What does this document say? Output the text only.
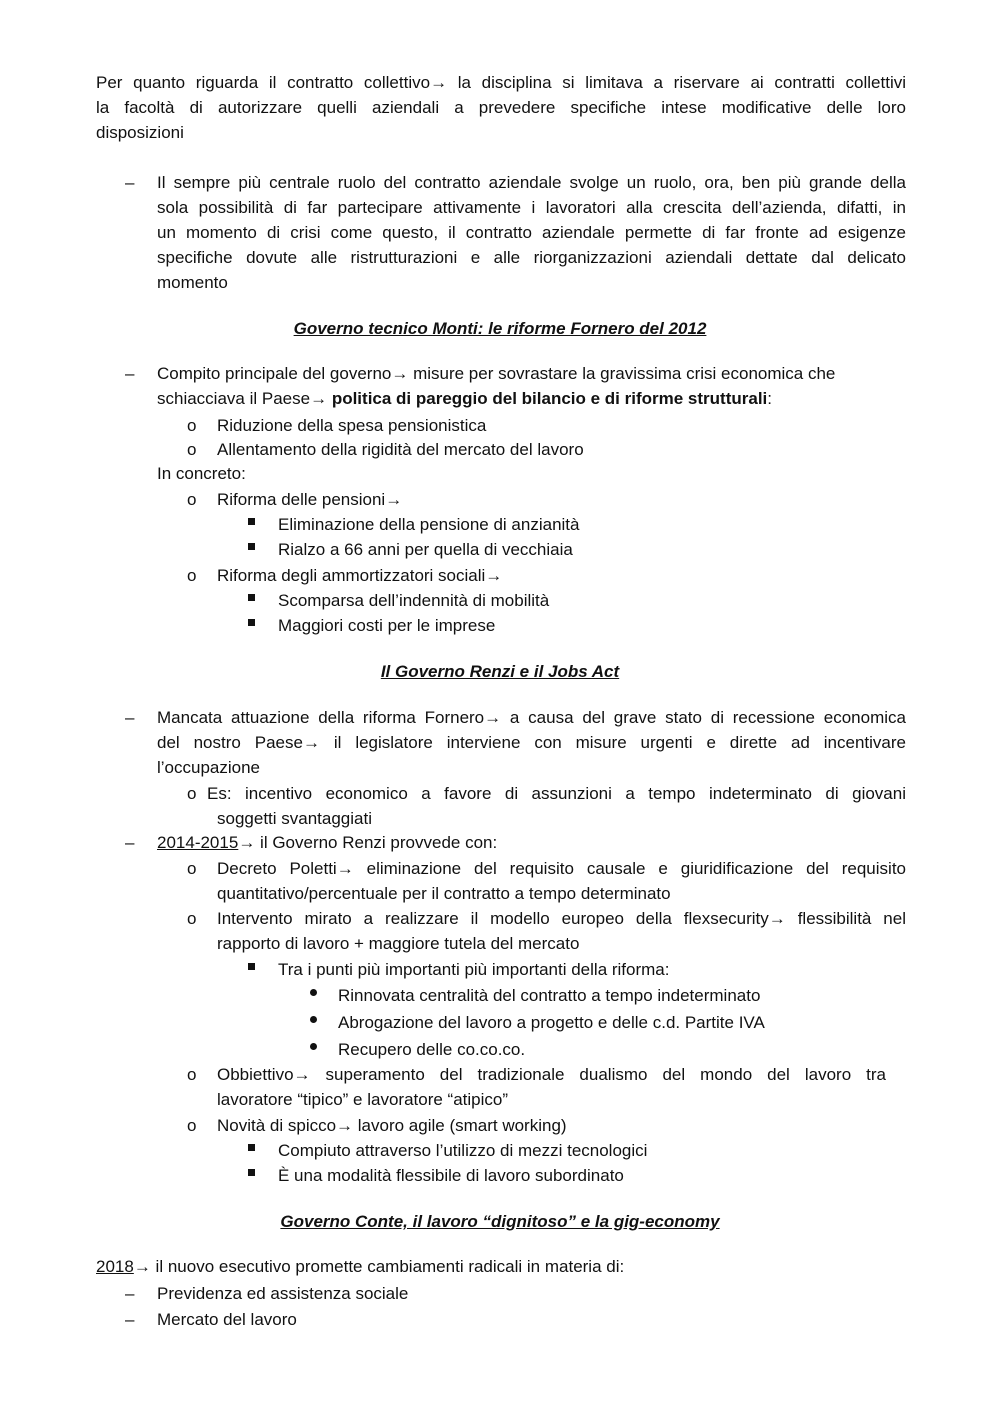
Per quanto riguarda il contratto collettivo→ la disciplina si limitava a riservare ai contratti collettivi
la facoltà di autorizzare quelli aziendali a prevedere specifiche intese modificative delle loro
disposizioni
– Il sempre più centrale ruolo del contratto aziendale svolge un ruolo, ora, ben più grande della
sola possibilità di far partecipare attivamente i lavoratori alla crescita dell’azienda, difatti, in
un momento di crisi come questo, il contratto aziendale permette di far fronte ad esigenze
specifiche dovute alle ristrutturazioni e alle riorganizzazioni aziendali dettate dal delicato
momento
Governo tecnico Monti: le riforme Fornero del 2012
– Compito principale del governo→ misure per sovrastare la gravissima crisi economica che
schiacciava il Paese→ politica di pareggio del bilancio e di riforme strutturali:
o Riduzione della spesa pensionistica
o Allentamento della rigidità del mercato del lavoro
In concreto:
o Riforma delle pensioni→
Eliminazione della pensione di anzianità
Rialzo a 66 anni per quella di vecchiaia
o Riforma degli ammortizzatori sociali→
Scomparsa dell’indennità di mobilità
Maggiori costi per le imprese
Il Governo Renzi e il Jobs Act
– Mancata attuazione della riforma Fornero→ a causa del grave stato di recessione economica
del nostro Paese→ il legislatore interviene con misure urgenti e dirette ad incentivare
l’occupazione
o Es: incentivo economico a favore di assunzioni a tempo indeterminato di giovani
soggetti svantaggiati
– 2014-2015→ il Governo Renzi provvede con:
o Decreto Poletti→ eliminazione del requisito causale e giuridificazione del requisito
quantitativo/percentuale per il contratto a tempo determinato
o Intervento mirato a realizzare il modello europeo della flexsecurity→ flessibilità nel
rapporto di lavoro + maggiore tutela del mercato
Tra i punti più importanti più importanti della riforma:
Rinnovata centralità del contratto a tempo indeterminato
Abrogazione del lavoro a progetto e delle c.d. Partite IVA
Recupero delle co.co.co.
o Obbiettivo→ superamento del tradizionale dualismo del mondo del lavoro tra
lavoratore “tipico” e lavoratore “atipico”
o Novità di spicco→ lavoro agile (smart working)
Compiuto attraverso l’utilizzo di mezzi tecnologici
È una modalità flessibile di lavoro subordinato
Governo Conte, il lavoro “dignitoso” e la gig-economy
2018→ il nuovo esecutivo promette cambiamenti radicali in materia di:
– Previdenza ed assistenza sociale
– Mercato del lavoro
